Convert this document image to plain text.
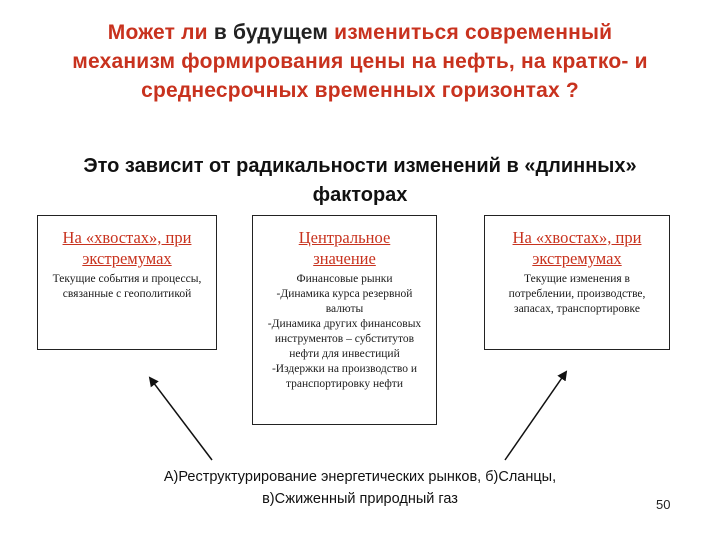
Может ли в будущем измениться современный механизм формирования цены на нефть, на кратко- и среднесрочных временных горизонтах ?
Это зависит от радикальности изменений в «длинных» факторах
На «хвостах», при экстремумах
Текущие события и процессы, связанные с геополитикой
Центральное значение
Финансовые рынки
-Динамика курса резервной валюты
-Динамика других финансовых инструментов – субститутов нефти для инвестиций
-Издержки на производство и транспортировку нефти
На «хвостах», при экстремумах
Текущие изменения в потреблении, производстве, запасах, транспортировке
А)Реструктурирование энергетических рынков, б)Сланцы,
в)Сжиженный природный газ	50
